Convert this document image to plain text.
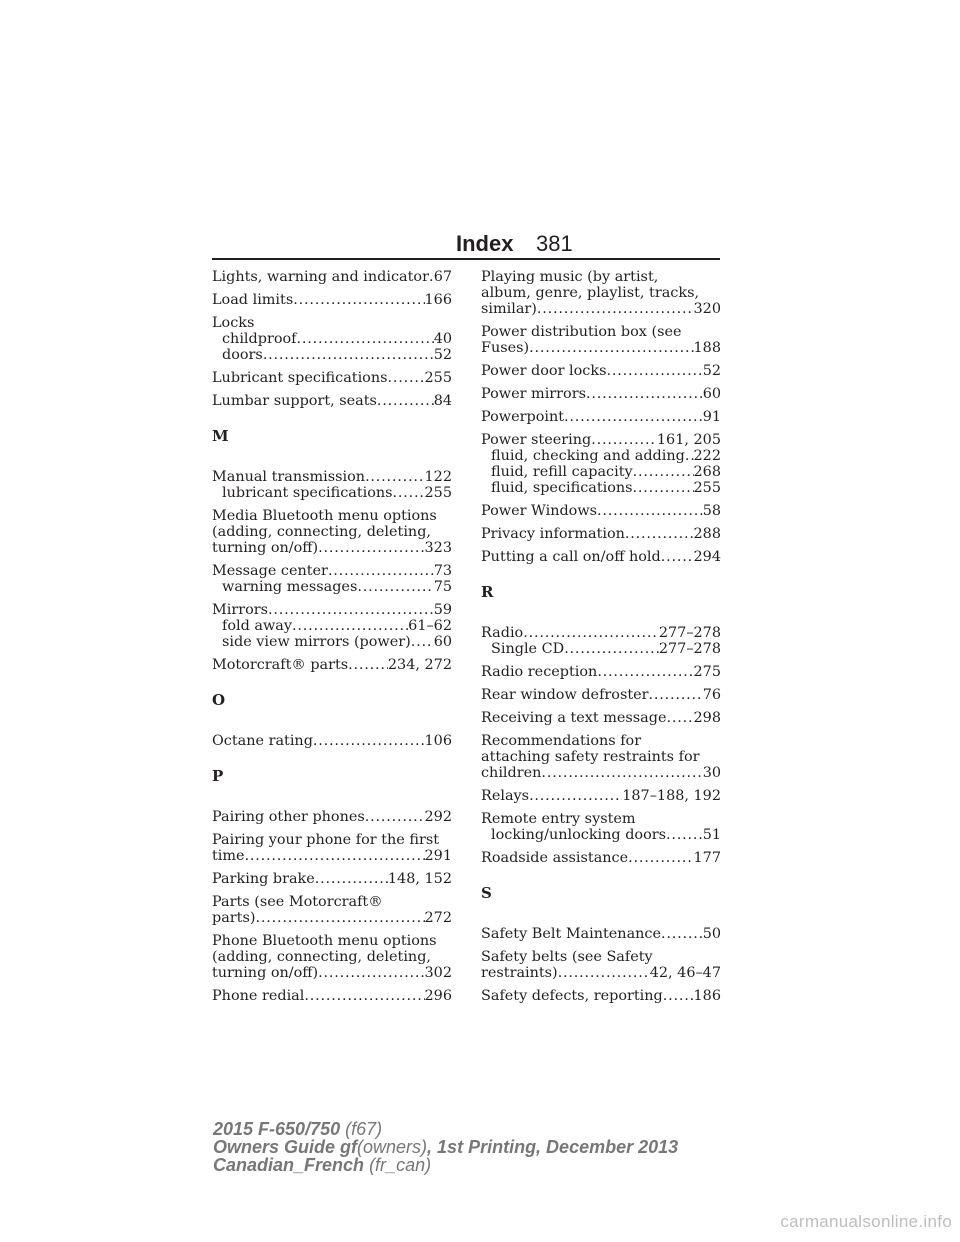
Index 381
Lights, warning and indicator ..... 67
Load limits .....	166
Locks
childproof .....	40
doors .....	52
Lubricant specifications .....	255
Lumbar support, seats .....	84
M
Manual transmission .....	122
lubricant specifications ..... 255
Media Bluetooth menu options
(adding, connecting, deleting,
turning on/off) .....	323
Message center .....	73
warning messages .....	75
Mirrors .....	59
fold away .....	61–62
side view mirrors (power) ..... 60
Motorcraft® parts .....	234, 272
O
Octane rating .....	106
P
Pairing other phones .....	292
Pairing your phone for the first
time .....	291
Parking brake .....	148, 152
Parts (see Motorcraft®
parts) .....	272
Phone Bluetooth menu options
(adding, connecting, deleting,
turning on/off) .....	302
Phone redial .....	296
Playing music (by artist,
album, genre, playlist, tracks,
similar) .....	320
Power distribution box (see
Fuses) .....	188
Power door locks .....	52
Power mirrors .....	60
Powerpoint .....	91
Power steering .....	161, 205
fluid, checking and adding ..... 222
fluid, refill capacity .....	268
fluid, specifications .....	255
Power Windows .....	58
Privacy information .....	288
Putting a call on/off hold ..... 294
R
Radio .....	277–278
Single CD .....	277–278
Radio reception .....	275
Rear window defroster .....	76
Receiving a text message ..... 298
Recommendations for
attaching safety restraints for
children .....	30
Relays .....	187–188, 192
Remote entry system
locking/unlocking doors .....	51
Roadside assistance .....	177
S
Safety Belt Maintenance .....	50
Safety belts (see Safety
restraints) .....	42, 46–47
Safety defects, reporting ..... 186
2015 F-650/750 (f67)
Owners Guide gf(owners), 1st Printing, December 2013
Canadian_French (fr_can)
carmanualsonline.info
